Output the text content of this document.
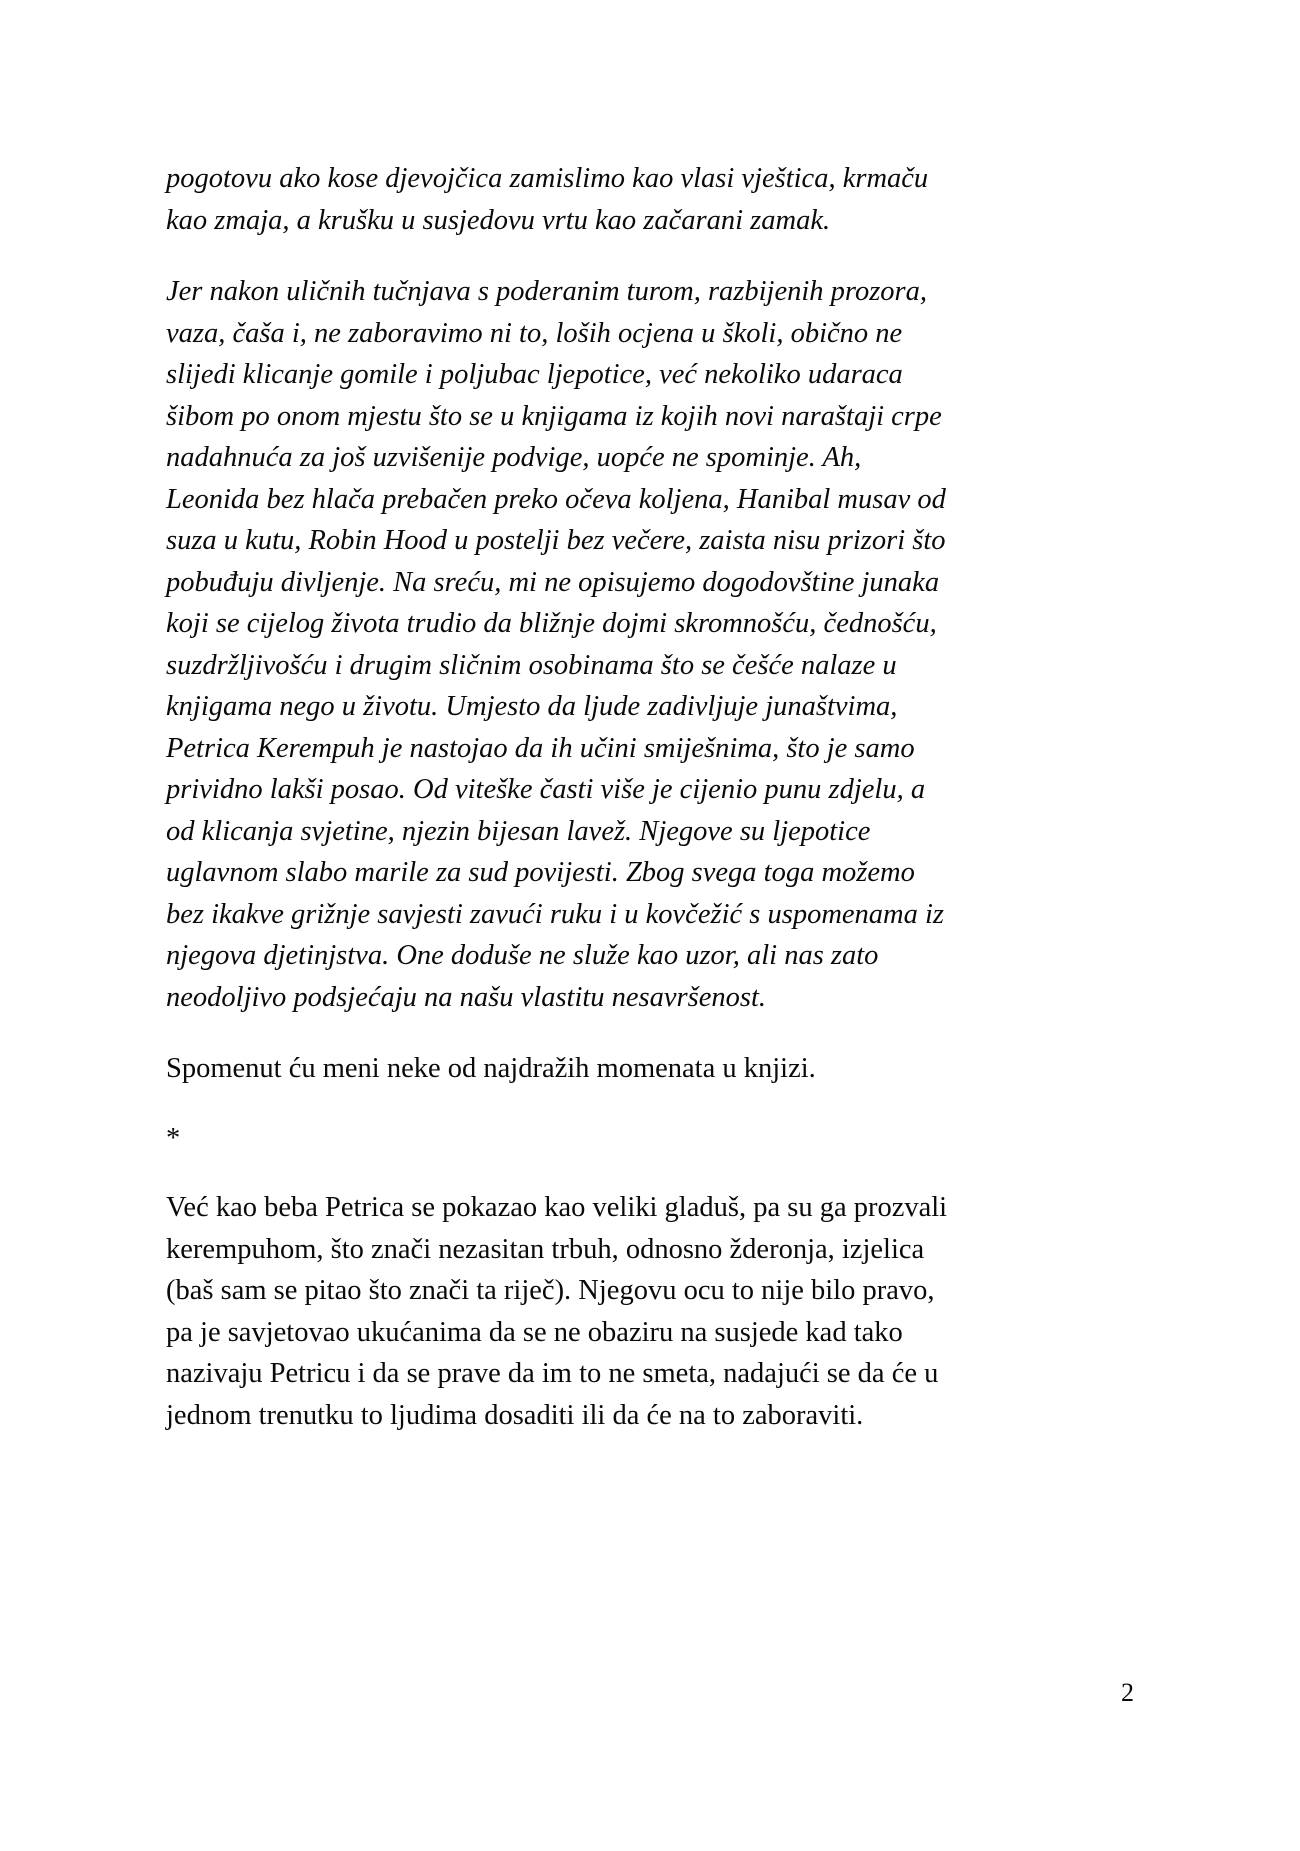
pogotovu ako kose djevojčica zamislimo kao vlasi vještica, krmaču kao zmaja, a krušku u susjedovu vrtu kao začarani zamak.

Jer nakon uličnih tučnjava s poderanim turom, razbijenih prozora, vaza, čaša i, ne zaboravimo ni to, loših ocjena u školi, obično ne slijedi klicanje gomile i poljubac ljepotice, već nekoliko udaraca šibom po onom mjestu što se u knjigama iz kojih novi naraštaji crpe nadahnuća za još uzvišenije podvige, uopće ne spominje. Ah, Leonida bez hlača prebačen preko očeva koljena, Hanibal musav od suza u kutu, Robin Hood u postelji bez večere, zaista nisu prizori što pobuđuju divljenje. Na sreću, mi ne opisujemo dogodovštine junaka koji se cijelog života trudio da bližnje dojmi skromnošću, čednošću, suzdržljivošću i drugim sličnim osobinama što se češće nalaze u knjigama nego u životu. Umjesto da ljude zadivljuje junaštvima, Petrica Kerempuh je nastojao da ih učini smiješnima, što je samo prividno lakši posao. Od viteške časti više je cijenio punu zdjelu, a od klicanja svjetine, njezin bijesan lavež. Njegove su ljepotice uglavnom slabo marile za sud povijesti. Zbog svega toga možemo bez ikakve grižnje savjesti zavući ruku i u kovčežić s uspomenama iz njegova djetinjstva. One doduše ne služe kao uzor, ali nas zato neodoljivo podsjećaju na našu vlastitu nesavršenost.

Spomenut ću meni neke od najdražih momenata u knjizi.

*

Već kao beba Petrica se pokazao kao veliki gladuš, pa su ga prozvali kerempuhom, što znači nezasitan trbuh, odnosno žderonja, izjelica (baš sam se pitao što znači ta riječ). Njegovu ocu to nije bilo pravo, pa je savjetovao ukućanima da se ne obaziru na susjede kad tako nazivaju Petricu i da se prave da im to ne smeta, nadajući se da će u jednom trenutku to ljudima dosaditi ili da će na to zaboraviti.

2
